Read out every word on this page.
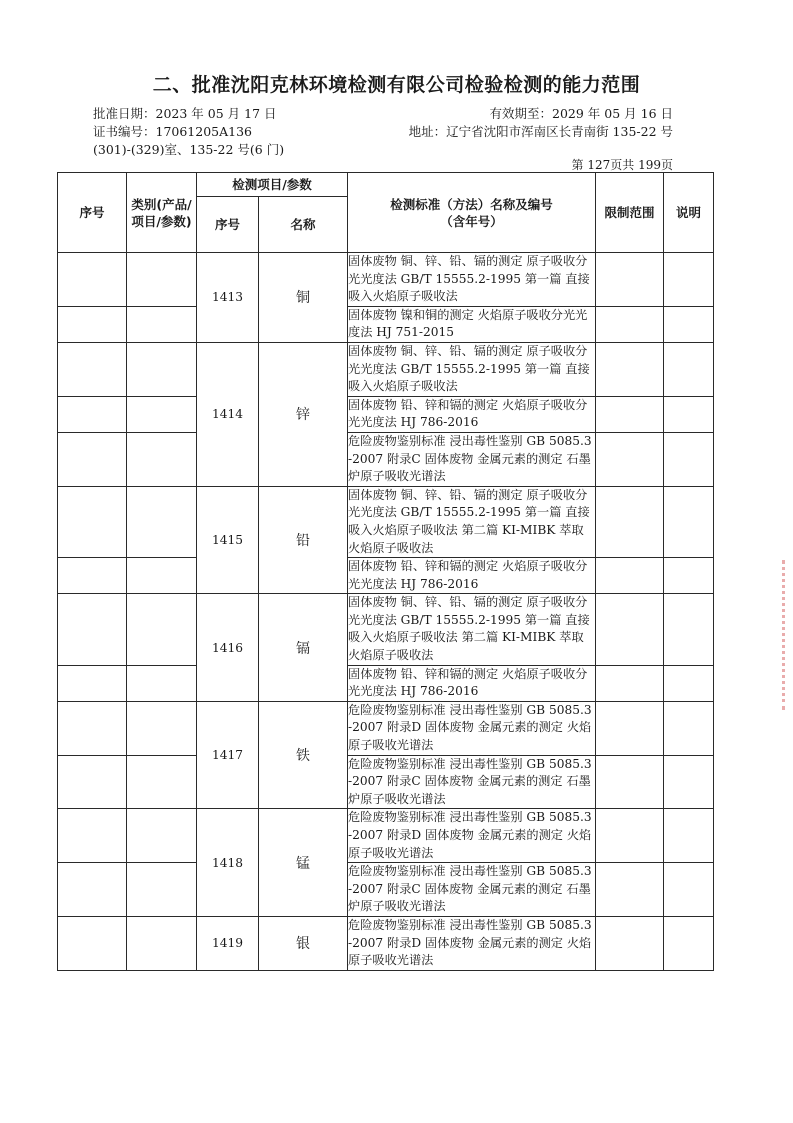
二、批准沈阳克林环境检测有限公司检验检测的能力范围
批准日期：2023 年 05 月 17 日	有效期至：2029 年 05 月 16 日
证书编号：17061205A136	地址：辽宁省沈阳市浑南区长青南街 135-22 号
(301)-(329)室、135-22 号(6 门)
第 127页共 199页
序号	类别(产品/项目/参数)	检测项目/参数		检测标准（方法）名称及编号（含年号）	限制范围	说明
		序号	名称			
		1413	铜	固体废物 铜、锌、铅、镉的测定 原子吸收分光光度法 GB/T 15555.2-1995 第一篇 直接吸入火焰原子吸收法		
				固体废物 镍和铜的测定 火焰原子吸收分光光度法 HJ 751-2015		
		1414	锌	固体废物 铜、锌、铅、镉的测定 原子吸收分光光度法 GB/T 15555.2-1995 第一篇 直接吸入火焰原子吸收法		
				固体废物 铅、锌和镉的测定 火焰原子吸收分光光度法 HJ 786-2016		
				危险废物鉴别标准 浸出毒性鉴别 GB 5085.3 -2007 附录C 固体废物 金属元素的测定 石墨炉原子吸收光谱法		
		1415	铅	固体废物 铜、锌、铅、镉的测定 原子吸收分光光度法 GB/T 15555.2-1995 第一篇 直接吸入火焰原子吸收法 第二篇 KI-MIBK 萃取火焰原子吸收法		
				固体废物 铅、锌和镉的测定 火焰原子吸收分光光度法 HJ 786-2016		
		1416	镉	固体废物 铜、锌、铅、镉的测定 原子吸收分光光度法 GB/T 15555.2-1995 第一篇 直接吸入火焰原子吸收法 第二篇 KI-MIBK 萃取火焰原子吸收法		
				固体废物 铅、锌和镉的测定 火焰原子吸收分光光度法 HJ 786-2016		
		1417	铁	危险废物鉴别标准 浸出毒性鉴别 GB 5085.3 -2007 附录D 固体废物 金属元素的测定 火焰原子吸收光谱法		
				危险废物鉴别标准 浸出毒性鉴别 GB 5085.3 -2007 附录C 固体废物 金属元素的测定 石墨炉原子吸收光谱法		
		1418	锰	危险废物鉴别标准 浸出毒性鉴别 GB 5085.3 -2007 附录D 固体废物 金属元素的测定 火焰原子吸收光谱法		
				危险废物鉴别标准 浸出毒性鉴别 GB 5085.3 -2007 附录C 固体废物 金属元素的测定 石墨炉原子吸收光谱法		
		1419	银	危险废物鉴别标准 浸出毒性鉴别 GB 5085.3 -2007 附录D 固体废物 金属元素的测定 火焰原子吸收光谱法		
